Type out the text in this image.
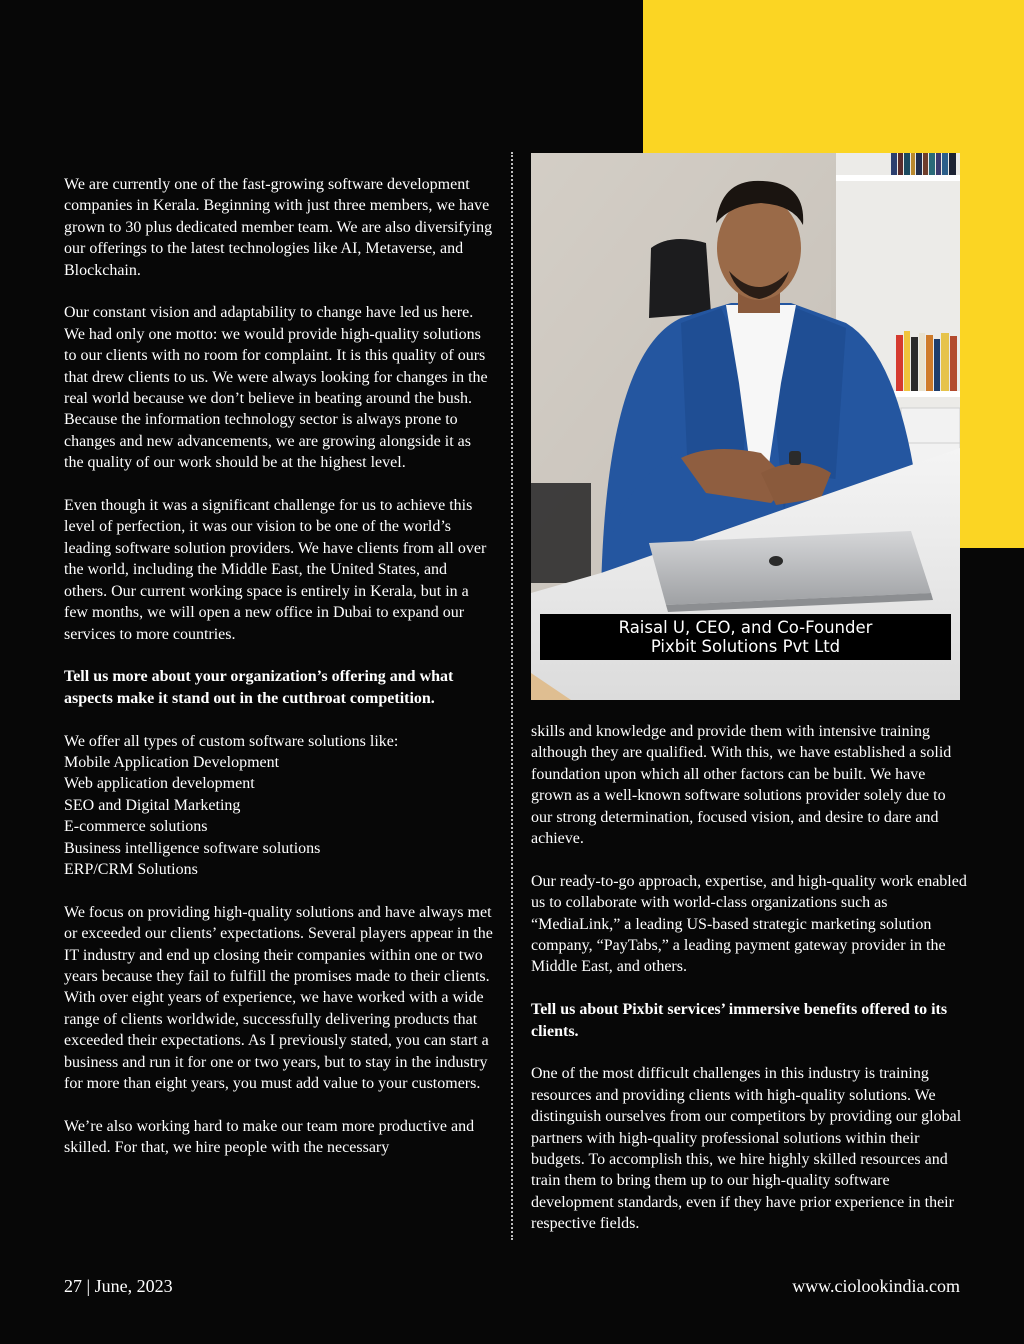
We are currently one of the fast-growing software development companies in Kerala. Beginning with just three members, we have grown to 30 plus dedicated member team. We are also diversifying our offerings to the latest technologies like AI, Metaverse, and Blockchain.

Our constant vision and adaptability to change have led us here. We had only one motto: we would provide high-quality solutions to our clients with no room for complaint. It is this quality of ours that drew clients to us. We were always looking for changes in the real world because we don’t believe in beating around the bush. Because the information technology sector is always prone to changes and new advancements, we are growing alongside it as the quality of our work should be at the highest level.

Even though it was a significant challenge for us to achieve this level of perfection, it was our vision to be one of the world’s leading software solution providers. We have clients from all over the world, including the Middle East, the United States, and others. Our current working space is entirely in Kerala, but in a few months, we will open a new office in Dubai to expand our services to more countries.

Tell us more about your organization’s offering and what aspects make it stand out in the cutthroat competition.

We offer all types of custom software solutions like:
Mobile Application Development
Web application development
SEO and Digital Marketing
E-commerce solutions
Business intelligence software solutions
ERP/CRM Solutions

We focus on providing high-quality solutions and have always met or exceeded our clients’ expectations. Several players appear in the IT industry and end up closing their companies within one or two years because they fail to fulfill the promises made to their clients. With over eight years of experience, we have worked with a wide range of clients worldwide, successfully delivering products that exceeded their expectations. As I previously stated, you can start a business and run it for one or two years, but to stay in the industry for more than eight years, you must add value to your customers.

We’re also working hard to make our team more productive and skilled. For that, we hire people with the necessary

Raisal U, CEO, and Co-Founder
Pixbit Solutions Pvt Ltd

skills and knowledge and provide them with intensive training although they are qualified. With this, we have established a solid foundation upon which all other factors can be built. We have grown as a well-known software solutions provider solely due to our strong determination, focused vision, and desire to dare and achieve.

Our ready-to-go approach, expertise, and high-quality work enabled us to collaborate with world-class organizations such as “MediaLink,” a leading US-based strategic marketing solution company, “PayTabs,” a leading payment gateway provider in the Middle East, and others.

Tell us about Pixbit services’ immersive benefits offered to its clients.

One of the most difficult challenges in this industry is training resources and providing clients with high-quality solutions. We distinguish ourselves from our competitors by providing our global partners with high-quality professional solutions within their budgets. To accomplish this, we hire highly skilled resources and train them to bring them up to our high-quality software development standards, even if they have prior experience in their respective fields.

27 | June, 2023	www.ciolookindia.com
